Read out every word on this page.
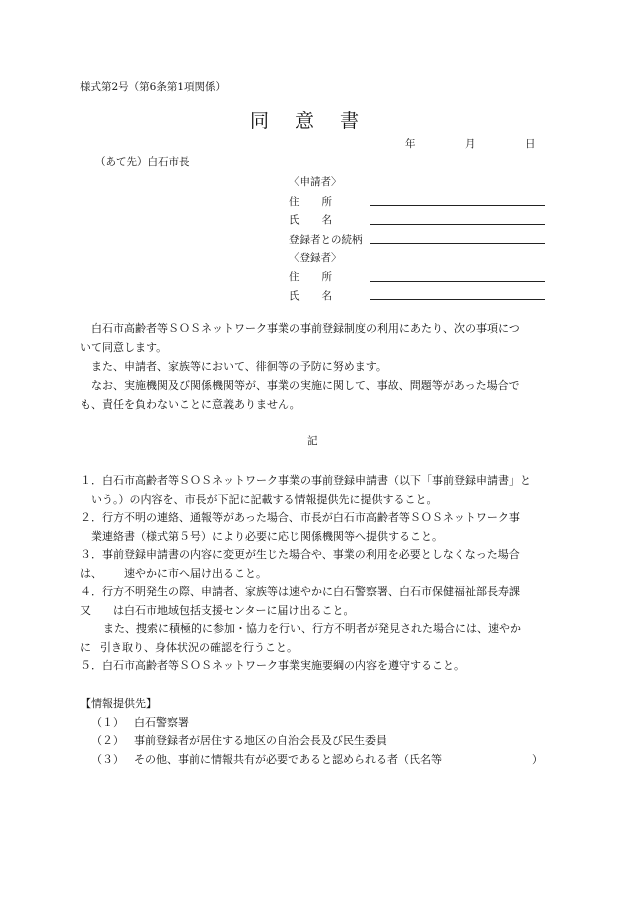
様式第2号（第6条第1項関係）
同意書
年	月	日
（あて先）白石市長
〈申請者〉
住 所
氏 名
登録者との続柄
〈登録者〉
住 所
氏 名
白石市高齢者等ＳＯＳネットワーク事業の事前登録制度の利用にあたり、次の事項につ
いて同意します。
また、申請者、家族等において、徘徊等の予防に努めます。
なお、実施機関及び関係機関等が、事業の実施に関して、事故、問題等があった場合で
も、責任を負わないことに意義ありません。
記
１．白石市高齢者等ＳＯＳネットワーク事業の事前登録申請書（以下「事前登録申請書」と
いう。）の内容を、市長が下記に記載する情報提供先に提供すること。
２．行方不明の連絡、通報等があった場合、市長が白石市高齢者等ＳＯＳネットワーク事
業連絡書（様式第５号）により必要に応じ関係機関等へ提供すること。
３．事前登録申請書の内容に変更が生じた場合や、事業の利用を必要としなくなった場合
は、 速やかに市へ届け出ること。
４．行方不明発生の際、申請者、家族等は速やかに白石警察署、白石市保健福祉部長寿課
又 は白石市地域包括支援センターに届け出ること。
また、捜索に積極的に参加・協力を行い、行方不明者が発見された場合には、速やか
に 引き取り、身体状況の確認を行うこと。
５．白石市高齢者等ＳＯＳネットワーク事業実施要綱の内容を遵守すること。
【情報提供先】
（１） 白石警察署
（２） 事前登録者が居住する地区の自治会長及び民生委員
（３） その他、事前に情報共有が必要であると認められる者（氏名等	）
